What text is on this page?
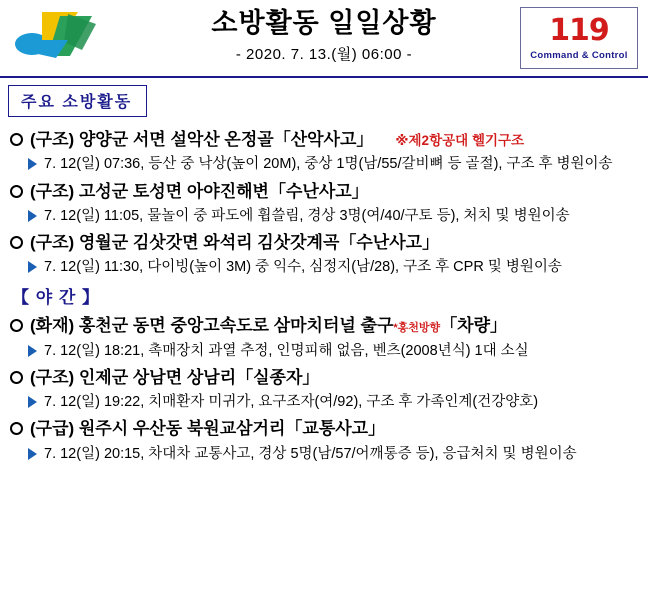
소방활동 일일상황
- 2020. 7. 13.(월) 06:00 -
119
Command & Control
주요 소방활동
(구조) 양양군 서면 설악산 온정골「산악사고」 ※제2항공대 헬기구조
7. 12(일) 07:36, 등산 중 낙상(높이 20M), 중상 1명(남/55/갈비뼈 등 골절), 구조 후 병원이송
(구조) 고성군 토성면 아야진해변「수난사고」
7. 12(일) 11:05, 물놀이 중 파도에 휩쓸림, 경상 3명(여/40/구토 등), 처치 및 병원이송
(구조) 영월군 김삿갓면 와석리 김삿갓계곡「수난사고」
7. 12(일) 11:30, 다이빙(높이 3M) 중 익수, 심정지(남/28), 구조 후 CPR 및 병원이송
【 야 간 】
(화재) 홍천군 동면 중앙고속도로 삼마치터널 출구 *홍천방향 「차량」
7. 12(일) 18:21, 촉매장치 과열 추정, 인명피해 없음, 벤츠(2008년식) 1대 소실
(구조) 인제군 상남면 상남리「실종자」
7. 12(일) 19:22, 치매환자 미귀가, 요구조자(여/92), 구조 후 가족인계(건강양호)
(구급) 원주시 우산동 북원교삼거리「교통사고」
7. 12(일) 20:15, 차대차 교통사고, 경상 5명(남/57/어깨통증 등), 응급처치 및 병원이송
